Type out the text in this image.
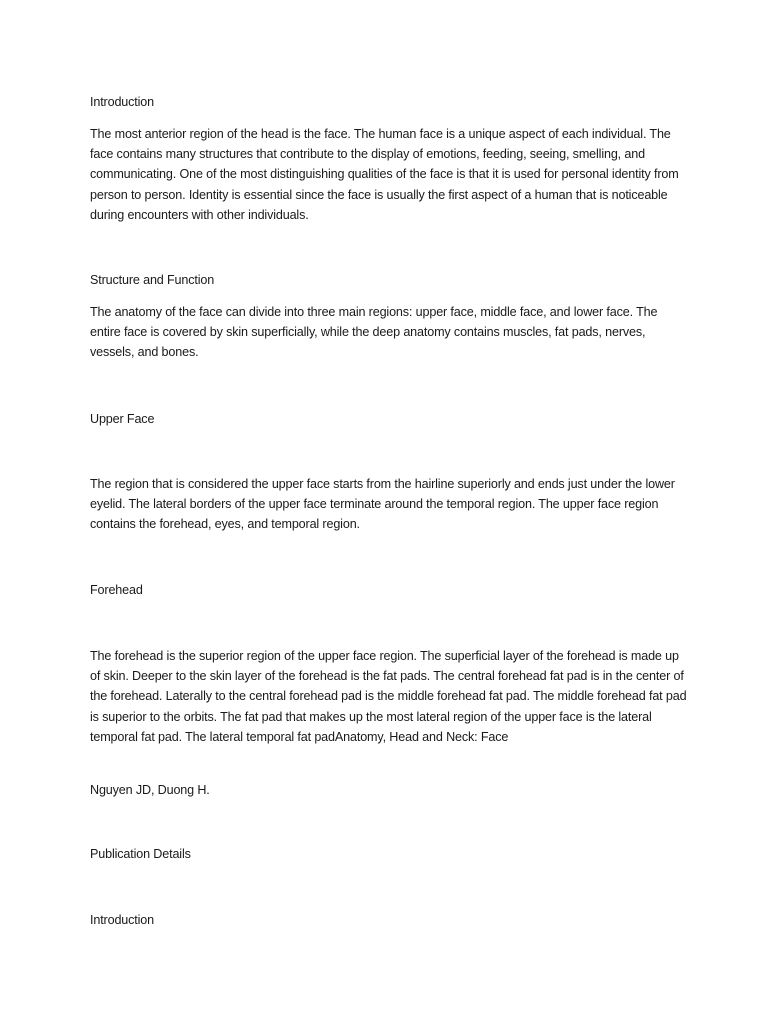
Introduction

The most anterior region of the head is the face. The human face is a unique aspect of each individual. The face contains many structures that contribute to the display of emotions, feeding, seeing, smelling, and communicating. One of the most distinguishing qualities of the face is that it is used for personal identity from person to person. Identity is essential since the face is usually the first aspect of a human that is noticeable during encounters with other individuals.

Structure and Function

The anatomy of the face can divide into three main regions: upper face, middle face, and lower face. The entire face is covered by skin superficially, while the deep anatomy contains muscles, fat pads, nerves, vessels, and bones.

Upper Face

The region that is considered the upper face starts from the hairline superiorly and ends just under the lower eyelid. The lateral borders of the upper face terminate around the temporal region. The upper face region contains the forehead, eyes, and temporal region.

Forehead

The forehead is the superior region of the upper face region. The superficial layer of the forehead is made up of skin. Deeper to the skin layer of the forehead is the fat pads. The central forehead fat pad is in the center of the forehead. Laterally to the central forehead pad is the middle forehead fat pad. The middle forehead fat pad is superior to the orbits. The fat pad that makes up the most lateral region of the upper face is the lateral temporal fat pad. The lateral temporal fat padAnatomy, Head and Neck: Face

Nguyen JD, Duong H.

Publication Details

Introduction
